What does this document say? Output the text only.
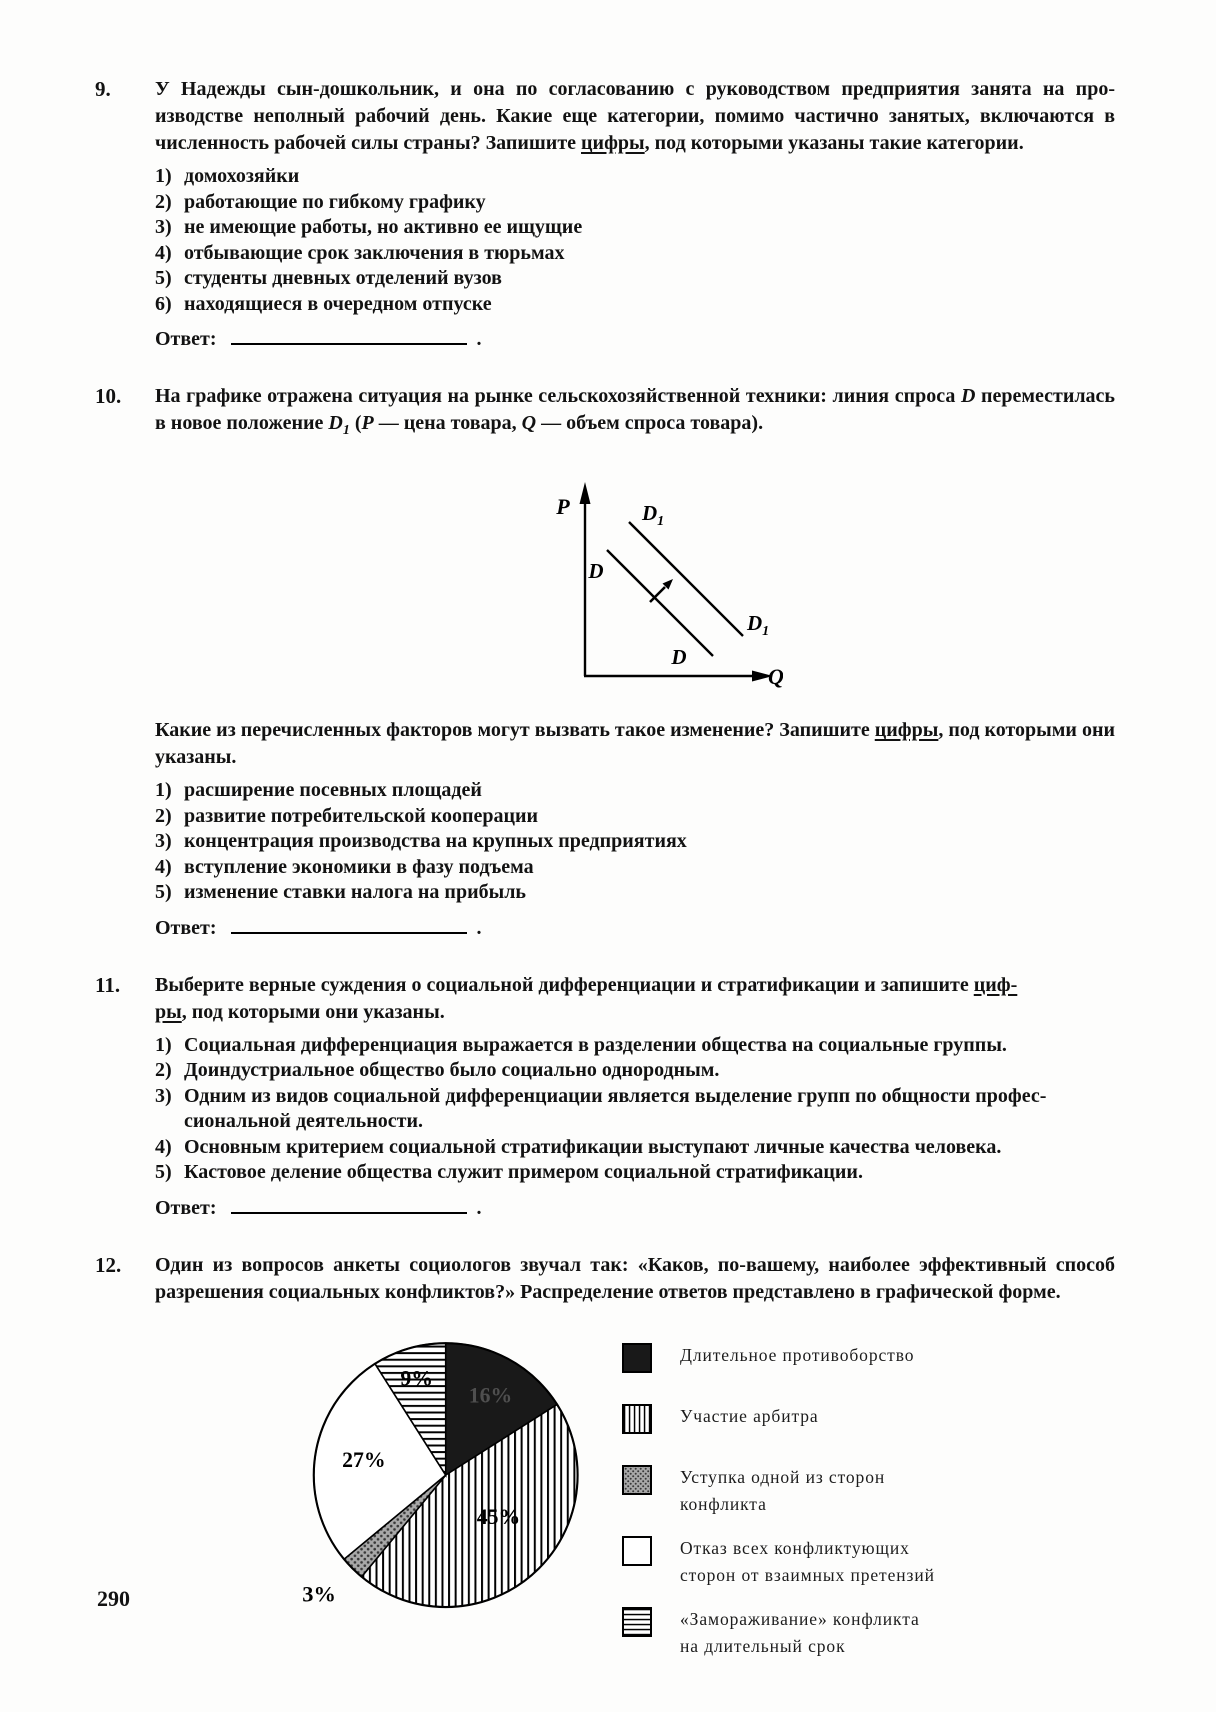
9.	У Надежды сын-дошкольник, и она по согласованию с руководством предприятия занята на производстве неполный рабочий день. Какие еще категории, помимо частично занятых, включаются в численность рабочей силы страны? Запишите цифры, под которыми указаны такие категории.

1) домохозяйки
2) работающие по гибкому графику
3) не имеющие работы, но активно ее ищущие
4) отбывающие срок заключения в тюрьмах
5) студенты дневных отделений вузов
6) находящиеся в очередном отпуске
Ответ:	.
10.	На графике отражена ситуация на рынке сельскохозяйственной техники: линия спроса D переместилась в новое положение $D_1$ (P — цена товара, Q — объем спроса товара).

P
Q
D
D
$D_1$
$D_1$

Какие из перечисленных факторов могут вызвать такое изменение? Запишите цифры, под которыми они указаны.

1) расширение посевных площадей
2) развитие потребительской кооперации
3) концентрация производства на крупных предприятиях
4) вступление экономики в фазу подъема
5) изменение ставки налога на прибыль
Ответ:	.
11.	Выберите верные суждения о социальной дифференциации и стратификации и запишите циф-
ры, под которыми они указаны.

1) Социальная дифференциация выражается в разделении общества на социальные группы.
2) Доиндустриальное общество было социально однородным.
3) Одним из видов социальной дифференциации является выделение групп по общности профессиональной деятельности.
4) Основным критерием социальной стратификации выступают личные качества человека.
5) Кастовое деление общества служит примером социальной стратификации.
Ответ:	.
12.	Один из вопросов анкеты социологов звучал так: «Каков, по-вашему, наиболее эффективный способ разрешения социальных конфликтов?» Распределение ответов представлено в графической форме.

16%
45%
3%
27%
9%
Длительное противоборство
Участие арбитра
Уступка одной из сторон
конфликта
Отказ всех конфликтующих
сторон от взаимных претензий
«Замораживание» конфликта
на длительный срок
290
